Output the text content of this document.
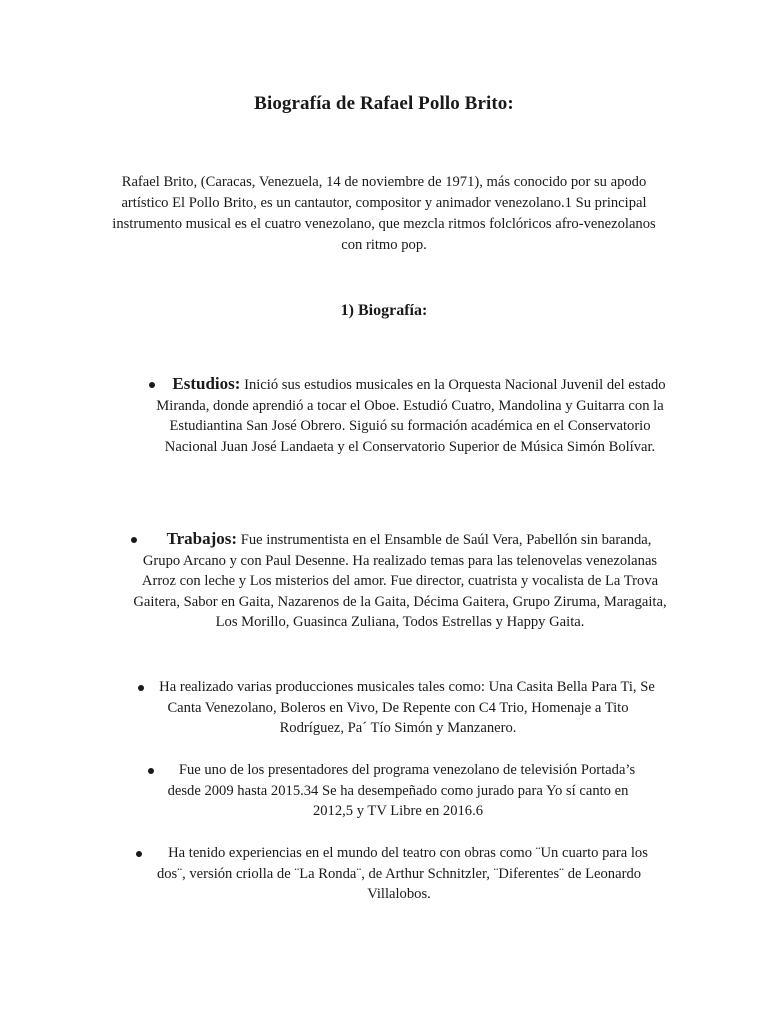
Biografía de Rafael Pollo Brito:
Rafael Brito, (Caracas, Venezuela, 14 de noviembre de 1971), más conocido por su apodo artístico El Pollo Brito, es un cantautor, compositor y animador venezolano.1 Su principal instrumento musical es el cuatro venezolano, que mezcla ritmos folclóricos afro-venezolanos con ritmo pop.
1) Biografía:
Estudios: Inició sus estudios musicales en la Orquesta Nacional Juvenil del estado Miranda, donde aprendió a tocar el Oboe. Estudió Cuatro, Mandolina y Guitarra con la Estudiantina San José Obrero. Siguió su formación académica en el Conservatorio Nacional Juan José Landaeta y el Conservatorio Superior de Música Simón Bolívar.
Trabajos: Fue instrumentista en el Ensamble de Saúl Vera, Pabellón sin baranda, Grupo Arcano y con Paul Desenne. Ha realizado temas para las telenovelas venezolanas Arroz con leche y Los misterios del amor. Fue director, cuatrista y vocalista de La Trova Gaitera, Sabor en Gaita, Nazarenos de la Gaita, Décima Gaitera, Grupo Ziruma, Maragaita, Los Morillo, Guasinca Zuliana, Todos Estrellas y Happy Gaita.
Ha realizado varias producciones musicales tales como: Una Casita Bella Para Ti, Se Canta Venezolano, Boleros en Vivo, De Repente con C4 Trio, Homenaje a Tito Rodríguez, Pa´ Tío Simón y Manzanero.
Fue uno de los presentadores del programa venezolano de televisión Portada’s desde 2009 hasta 2015.34 Se ha desempeñado como jurado para Yo sí canto en 2012,5 y TV Libre en 2016.6
Ha tenido experiencias en el mundo del teatro con obras como ¨Un cuarto para los dos¨, versión criolla de ¨La Ronda¨, de Arthur Schnitzler, ¨Diferentes¨ de Leonardo Villalobos.
